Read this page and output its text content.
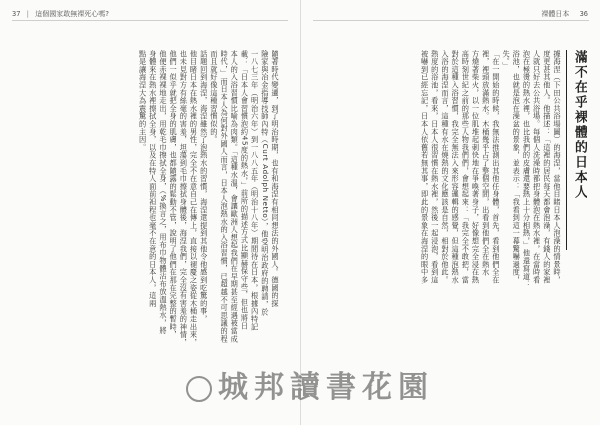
37 | 這個國家敢無裸死心嗎?
隨著時代變遷，到了明治時期，也有和海涅有相同想法的外國人。德國的探
險家與冶金指導技師內特（Curt Adolph Netto），他受明治政府的聘請，於
一八七三年（明治六年）到一八八五年（明治十八年）期間待在日本，根據內特記
載：「日本人會習慣泡約45度的熱水，」前所的描述方式比顯赫保守些，但也將日
本人的入浴習慣比喻為肉類。「這種水溫，會讓歐洲人想起我們在早期甚至經遇被當成
時代，」而日本人為何對外國人而言，日本人泡熱水的入浴習慣，已超越不可思議的程
而且就好像這種習慣似的。
話題回到海涅，海涅雖然了泡熱水的習慣，海涅還提到其他令他感到吃驚的事，
他目睹日本在熱水裡的男性，完全不在意自己在傳上，直接以褪慶之姿從木桶走出來，
也未見對方有絲毫的害羞，坦蕩到毛巾擦拭身體後，海涅我們，完全沒有害羞的神情，
他們一似乎就把全身的肌膚，也都隨露的鬆動不管，說明了他們在那在完整的暫時，
他便赤裸裸地走出，用乾毛巾擦拭全身，（%換言之，用布巾物體沾布放溫熱水，將
身體來在熱水裡擦拭全身，以及在特人面前袒程也毫不在意的日本人，這兩
點是讓海涅大為震驚的主因。
裸體日本 36
滿不在乎裸體的日本人
據海涅（下田公共浴場圖）的海涅，當他目睹日本人泡澡的情景時，
度更甚其他人。他描述：「這裡的居民每天都會泡澡，有錢人的家裡
人就只好去公共浴場。每個人洗澡時都把身體泡在熱水裡，在當時看
泡在極燙的熱水裡，也比我們的皮膚還要熱上十分相熱，」他還寫道：
浴池，也就是泡在澡盆的景象，並表示：「我看到這一幕驚嚇過度，
失。」
「在一開始的時候，我無法推測出其他任身體，首先，看到他們全在
裡，裡頭放滿熱水。木桶幾乎占了整個空間，出看到他們全在熱水
方燒著柴火，以一位肌堆起刺快地在爭喚著身子，好像想完全浸在熱
高時刻世紀之前的那些人物我們們，會想起來：「我完全不敢把，當
對於這種入浴習慣，我完全無法入來形容邏輯的感覺，但這種泡熱水
入浴的海涅而言，這種有水在燒熱的文化應該是自然，相對於他此。
熱度的浴池，看來，日本人很習慣在熱水裡，然後一起浸泡，看到這
被嚇到已經忘記，日本人依舊若無其事，即此的景象在海涅的眼中多
城邦讀書花園
